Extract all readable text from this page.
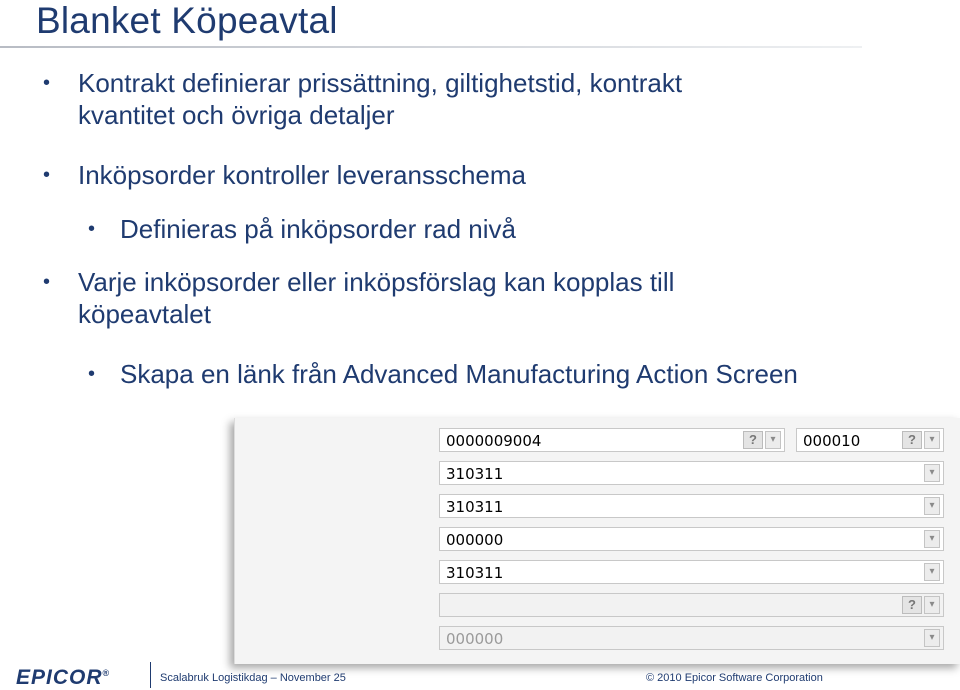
Blanket Köpeavtal
• Kontrakt definierar prissättning, giltighetstid, kontrakt
kvantitet och övriga detaljer
• Inköpsorder kontroller leveransschema
• Definieras på inköpsorder rad nivå
• Varje inköpsorder eller inköpsförslag kan kopplas till
köpeavtalet
• Skapa en länk från Advanced Manufacturing Action Screen
0000009004	?	▾	000010	?	▾
310311	▾
310311	▾
000000	▾
310311	▾
?	▾
000000	▾
EPICOR®	Scalabruk Logistikdag – November 25	© 2010 Epicor Software Corporation
